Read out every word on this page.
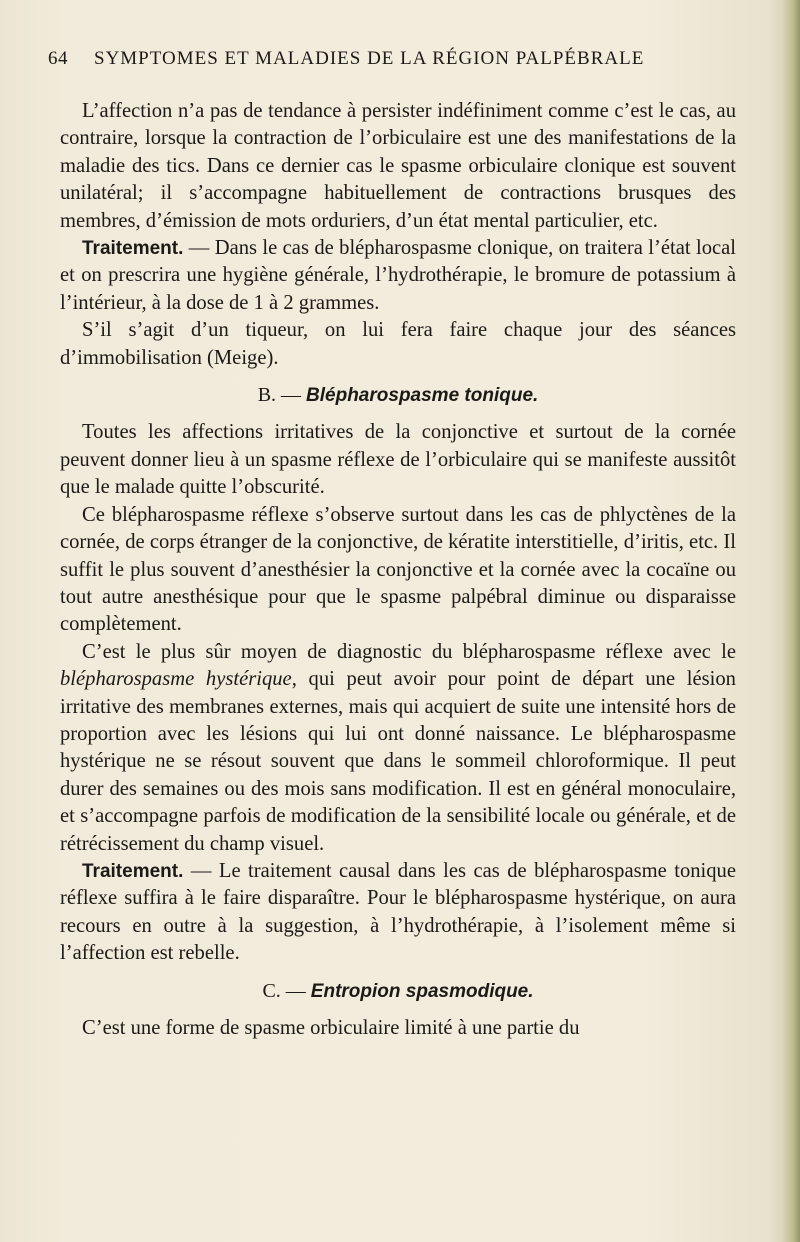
64 SYMPTOMES ET MALADIES DE LA RÉGION PALPÉBRALE

L’affection n’a pas de tendance à persister indéfiniment comme c’est le cas, au contraire, lorsque la contraction de l’orbiculaire est une des manifestations de la maladie des tics. Dans ce dernier cas le spasme orbiculaire clonique est souvent unilatéral; il s’accompagne habituellement de contractions brusques des membres, d’émission de mots orduriers, d’un état mental particulier, etc.

Traitement. — Dans le cas de blépharospasme clonique, on traitera l’état local et on prescrira une hygiène générale, l’hydrothérapie, le bromure de potassium à l’intérieur, à la dose de 1 à 2 grammes.

S’il s’agit d’un tiqueur, on lui fera faire chaque jour des séances d’immobilisation (Meige).

B. — Blépharospasme tonique.

Toutes les affections irritatives de la conjonctive et surtout de la cornée peuvent donner lieu à un spasme réflexe de l’orbiculaire qui se manifeste aussitôt que le malade quitte l’obscurité.

Ce blépharospasme réflexe s’observe surtout dans les cas de phlyctènes de la cornée, de corps étranger de la conjonctive, de kératite interstitielle, d’iritis, etc. Il suffit le plus souvent d’anesthésier la conjonctive et la cornée avec la cocaïne ou tout autre anesthésique pour que le spasme palpébral diminue ou disparaisse complètement.

C’est le plus sûr moyen de diagnostic du blépharospasme réflexe avec le blépharospasme hystérique, qui peut avoir pour point de départ une lésion irritative des membranes externes, mais qui acquiert de suite une intensité hors de proportion avec les lésions qui lui ont donné naissance. Le blépharospasme hystérique ne se résout souvent que dans le sommeil chloroformique. Il peut durer des semaines ou des mois sans modification. Il est en général monoculaire, et s’accompagne parfois de modification de la sensibilité locale ou générale, et de rétrécissement du champ visuel.

Traitement. — Le traitement causal dans les cas de blépharospasme tonique réflexe suffira à le faire disparaître. Pour le blépharospasme hystérique, on aura recours en outre à la suggestion, à l’hydrothérapie, à l’isolement même si l’affection est rebelle.

C. — Entropion spasmodique.

C’est une forme de spasme orbiculaire limité à une partie du
